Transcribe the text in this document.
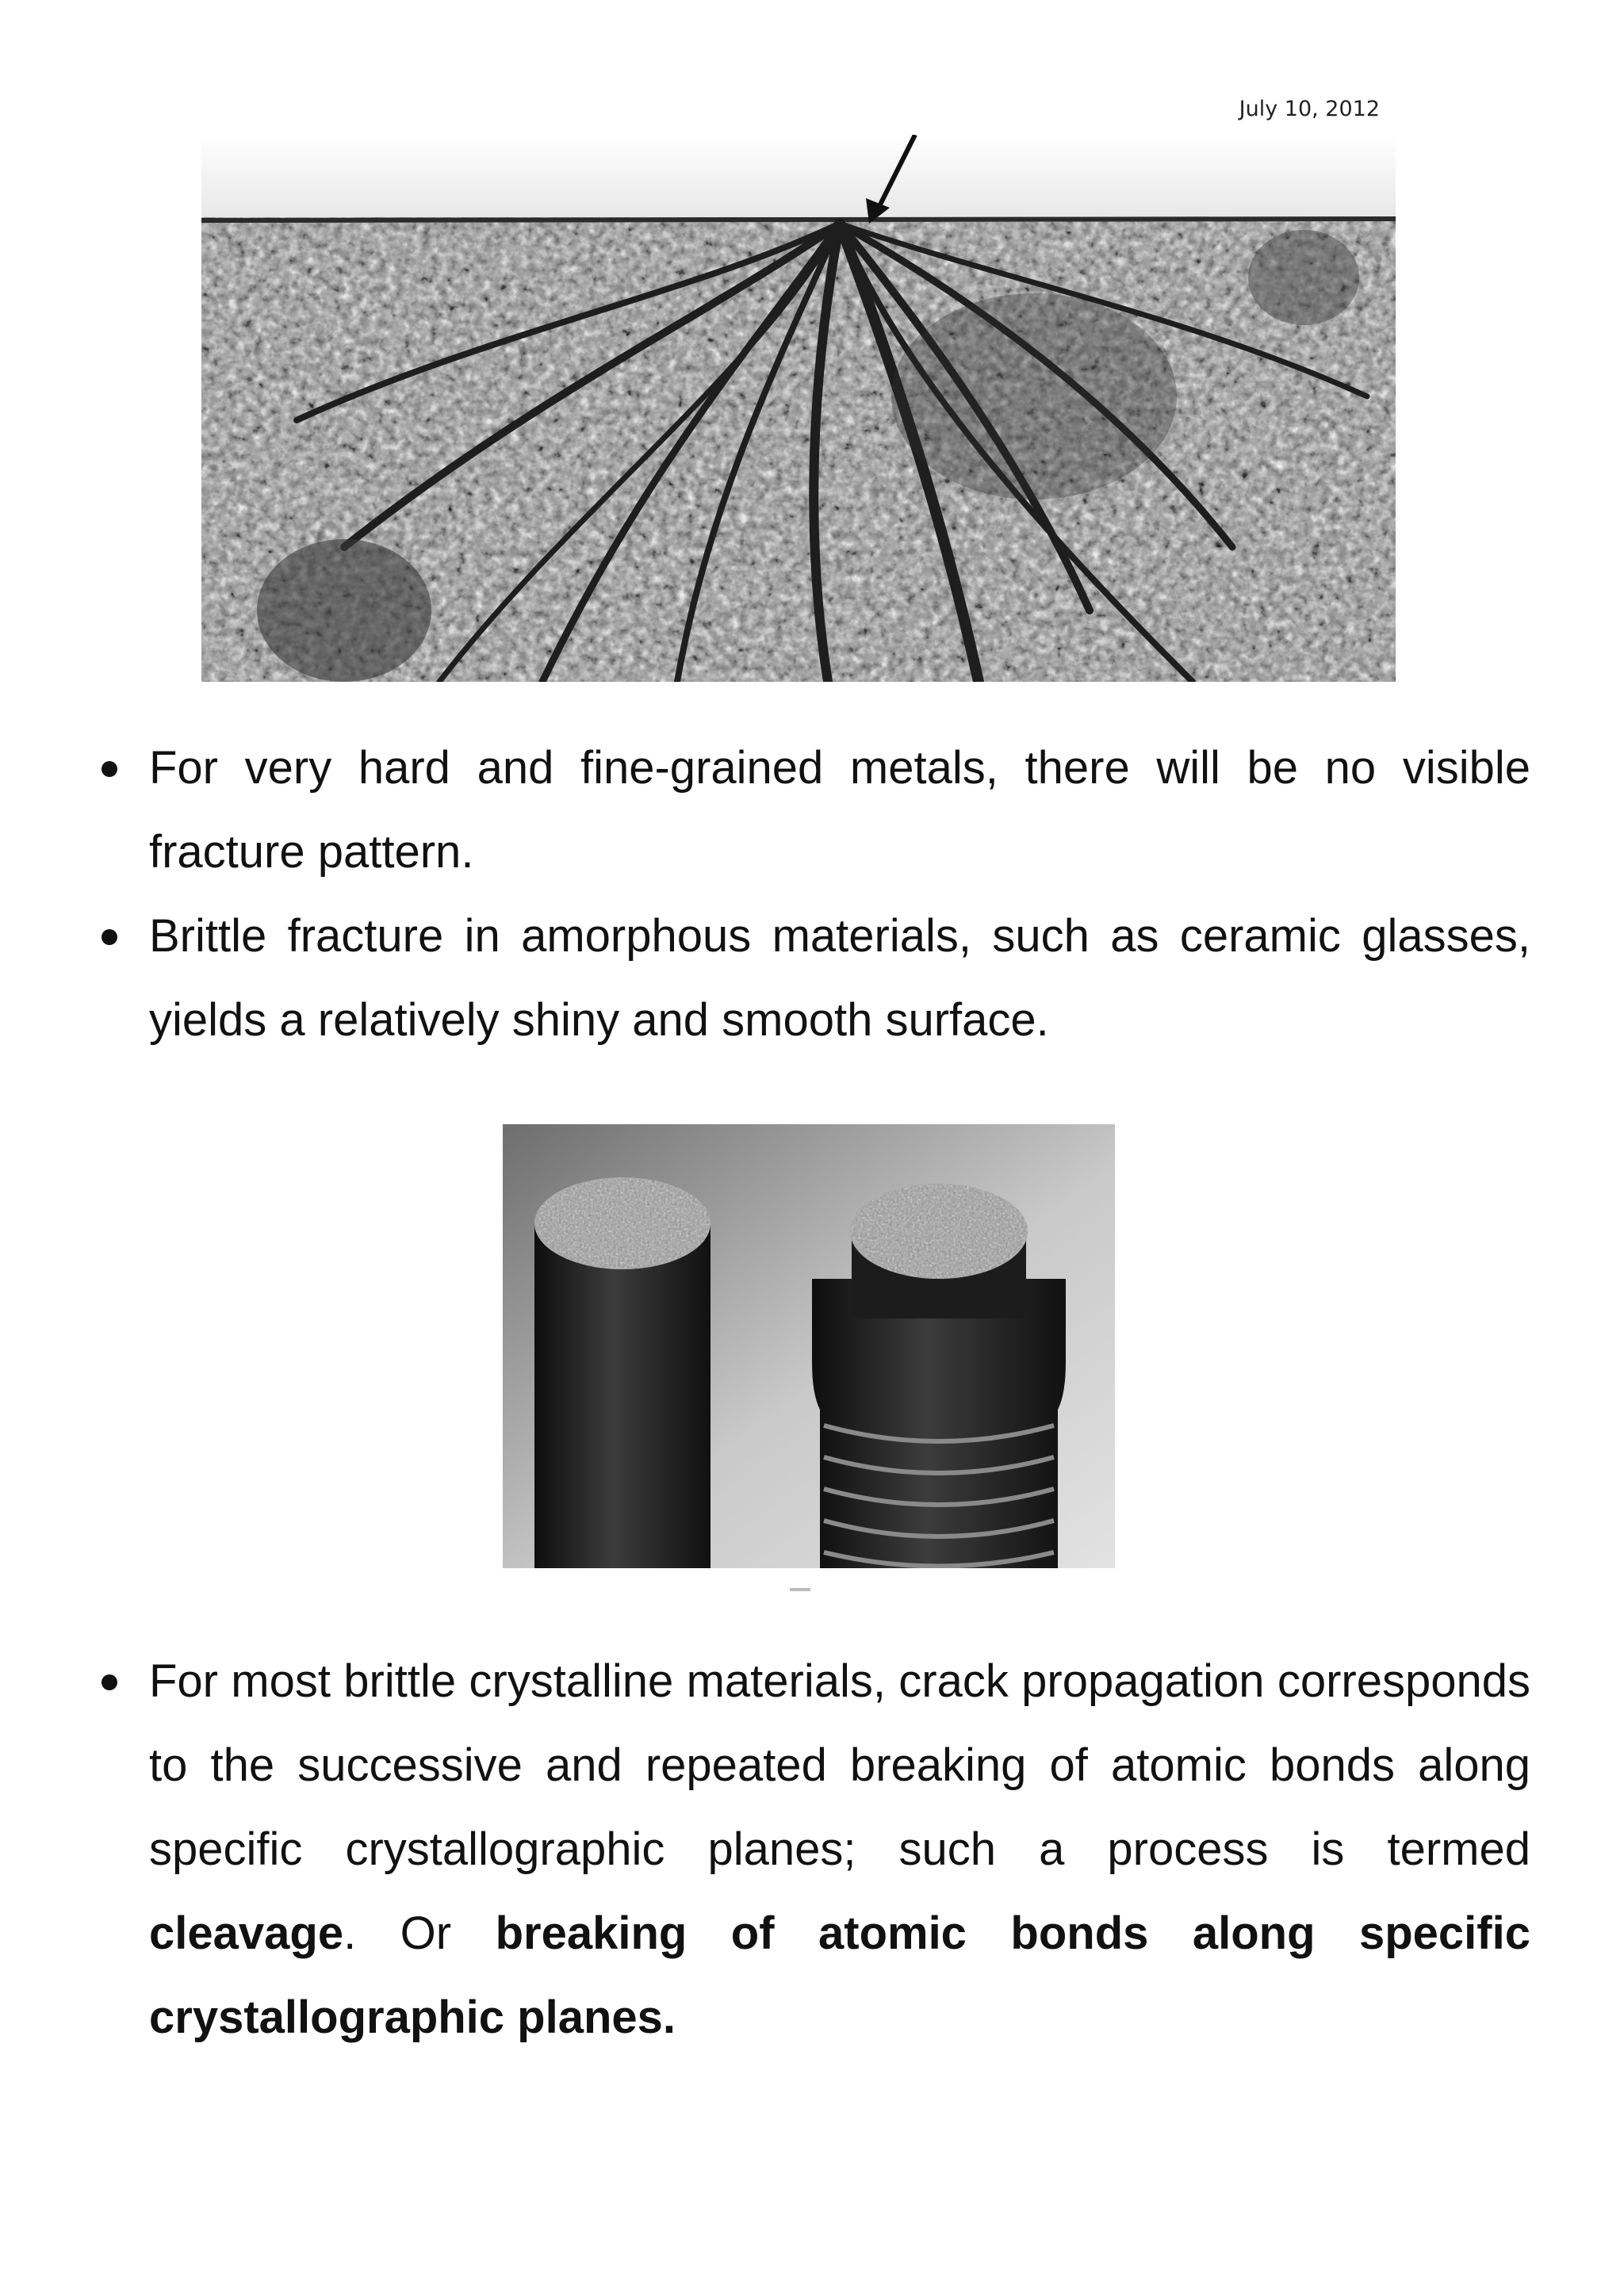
July 10, 2012
For very hard and fine-grained metals, there will be no visible fracture pattern.
Brittle fracture in amorphous materials, such as ceramic glasses, yields a relatively shiny and smooth surface.
For most brittle crystalline materials, crack propagation corresponds to the successive and repeated breaking of atomic bonds along specific crystallographic planes; such a process is termed cleavage. Or breaking of atomic bonds along specific crystallographic planes.
